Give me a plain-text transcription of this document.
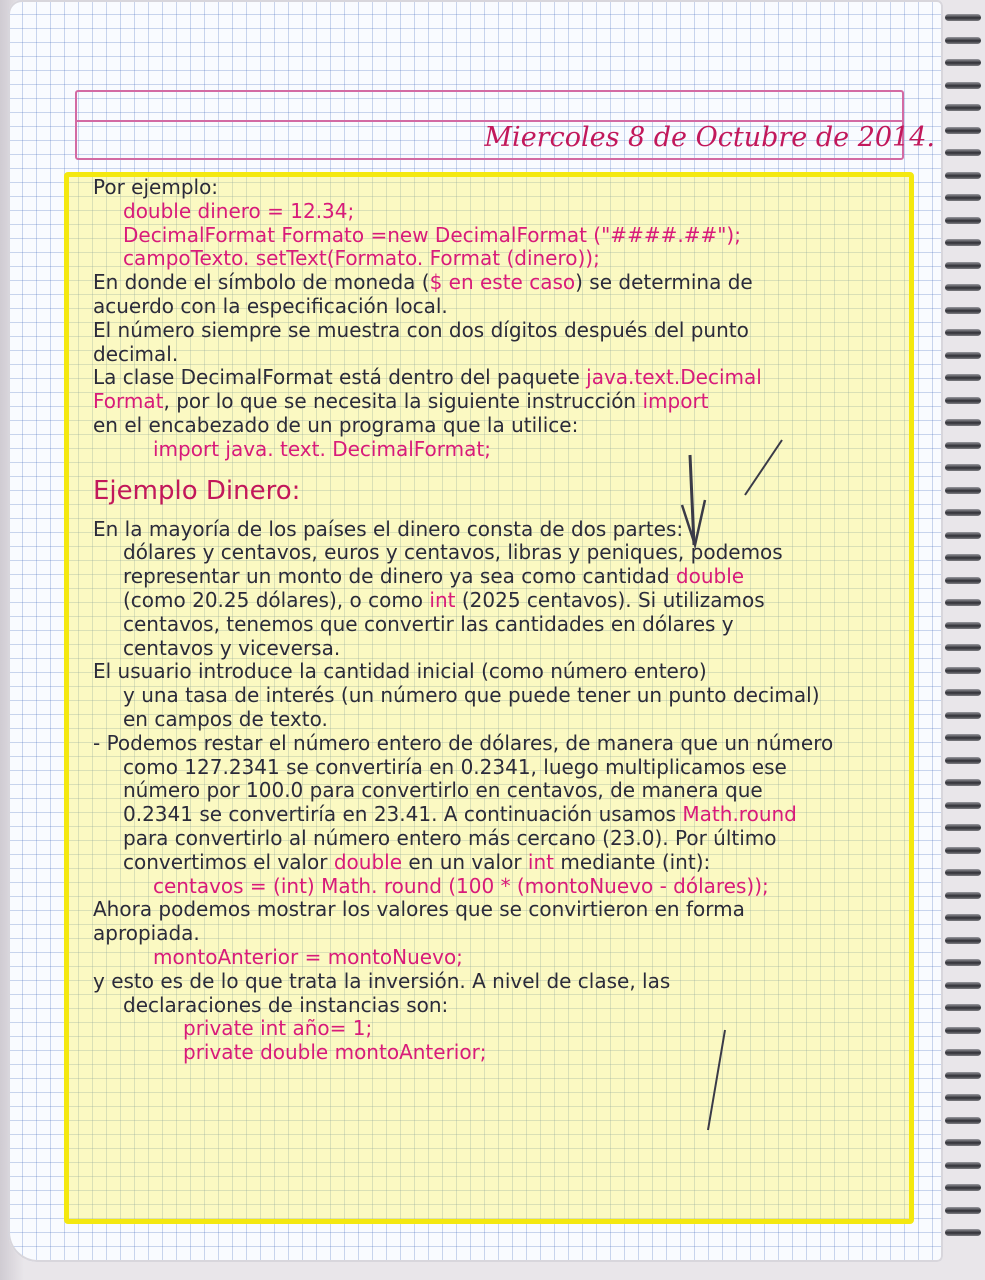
Miercoles 8 de Octubre de 2014.
Por ejemplo:
double dinero = 12.34;
DecimalFormat Formato =new DecimalFormat ("####.##");
campoTexto. setText(Formato. Format (dinero));
En donde el símbolo de moneda ($ en este caso) se determina de
acuerdo con la especificación local.
El número siempre se muestra con dos dígitos después del punto
decimal.
La clase DecimalFormat está dentro del paquete java.text.Decimal
Format, por lo que se necesita la siguiente instrucción import
en el encabezado de un programa que la utilice:
import java. text. DecimalFormat;
Ejemplo Dinero:
En la mayoría de los países el dinero consta de dos partes:
dólares y centavos, euros y centavos, libras y peniques, podemos
representar un monto de dinero ya sea como cantidad double
(como 20.25 dólares), o como int (2025 centavos). Si utilizamos
centavos, tenemos que convertir las cantidades en dólares y
centavos y viceversa.
El usuario introduce la cantidad inicial (como número entero)
y una tasa de interés (un número que puede tener un punto decimal)
en campos de texto.
- Podemos restar el número entero de dólares, de manera que un número
como 127.2341 se convertiría en 0.2341, luego multiplicamos ese
número por 100.0 para convertirlo en centavos, de manera que
0.2341 se convertiría en 23.41. A continuación usamos Math.round
para convertirlo al número entero más cercano (23.0). Por último
convertimos el valor double en un valor int mediante (int):
centavos = (int) Math. round (100 * (montoNuevo - dólares));
Ahora podemos mostrar los valores que se convirtieron en forma
apropiada.
montoAnterior = montoNuevo;
y esto es de lo que trata la inversión. A nivel de clase, las
declaraciones de instancias son:
private int año= 1;
private double montoAnterior;
